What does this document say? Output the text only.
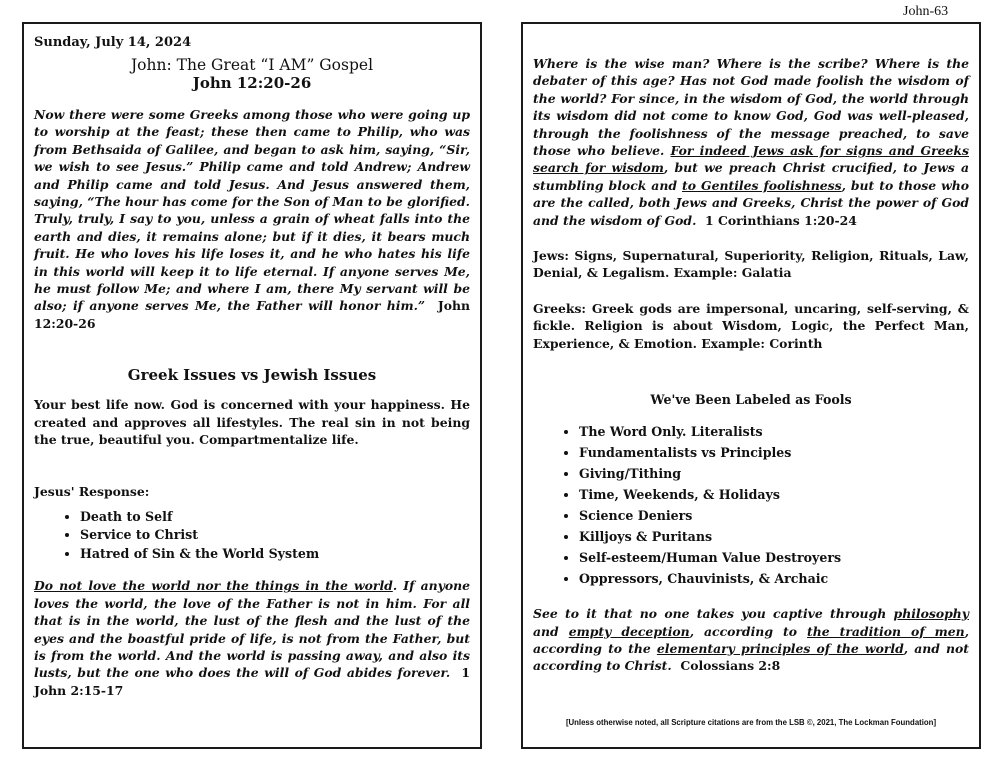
John-63
Sunday, July 14, 2024
John: The Great “I AM” Gospel
John 12:20-26

Now there were some Greeks among those who were going up to worship at the feast; these then came to Philip, who was from Bethsaida of Galilee, and began to ask him, saying, “Sir, we wish to see Jesus.” Philip came and told Andrew; Andrew and Philip came and told Jesus. And Jesus answered them, saying, “The hour has come for the Son of Man to be glorified. Truly, truly, I say to you, unless a grain of wheat falls into the earth and dies, it remains alone; but if it dies, it bears much fruit. He who loves his life loses it, and he who hates his life in this world will keep it to life eternal. If anyone serves Me, he must follow Me; and where I am, there My servant will be also; if anyone serves Me, the Father will honor him.” John 12:20-26

Greek Issues vs Jewish Issues

Your best life now. God is concerned with your happiness. He created and approves all lifestyles. The real sin in not being the true, beautiful you. Compartmentalize life.

Jesus' Response:

• Death to Self
• Service to Christ
• Hatred of Sin & the World System

Do not love the world nor the things in the world. If anyone loves the world, the love of the Father is not in him. For all that is in the world, the lust of the flesh and the lust of the eyes and the boastful pride of life, is not from the Father, but is from the world. And the world is passing away, and also its lusts, but the one who does the will of God abides forever. 1 John 2:15-17

Where is the wise man? Where is the scribe? Where is the debater of this age? Has not God made foolish the wisdom of the world? For since, in the wisdom of God, the world through its wisdom did not come to know God, God was well-pleased, through the foolishness of the message preached, to save those who believe. For indeed Jews ask for signs and Greeks search for wisdom, but we preach Christ crucified, to Jews a stumbling block and to Gentiles foolishness, but to those who are the called, both Jews and Greeks, Christ the power of God and the wisdom of God. 1 Corinthians 1:20-24

Jews: Signs, Supernatural, Superiority, Religion, Rituals, Law, Denial, & Legalism. Example: Galatia

Greeks: Greek gods are impersonal, uncaring, self-serving, & fickle. Religion is about Wisdom, Logic, the Perfect Man, Experience, & Emotion. Example: Corinth

We've Been Labeled as Fools
• The Word Only. Literalists
• Fundamentalists vs Principles
• Giving/Tithing
• Time, Weekends, & Holidays
• Science Deniers
• Killjoys & Puritans
• Self-esteem/Human Value Destroyers
• Oppressors, Chauvinists, & Archaic

See to it that no one takes you captive through philosophy and empty deception, according to the tradition of men, according to the elementary principles of the world, and not according to Christ. Colossians 2:8

[Unless otherwise noted, all Scripture citations are from the LSB ©, 2021, The Lockman Foundation]
